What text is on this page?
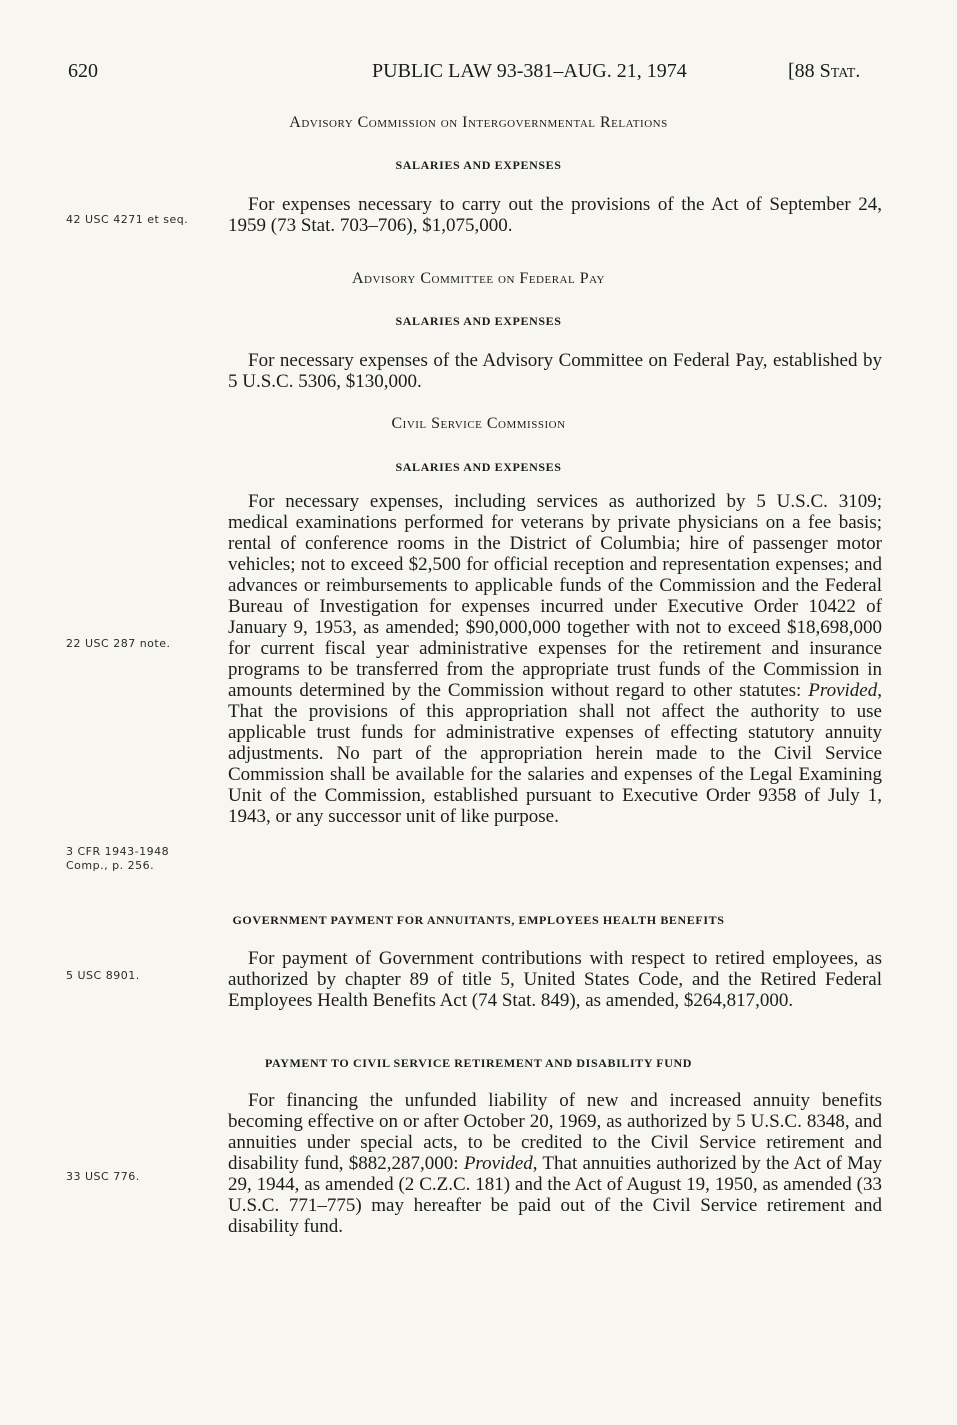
620	PUBLIC LAW 93-381–AUG. 21, 1974	[88 Stat.
Advisory Commission on Intergovernmental Relations
SALARIES AND EXPENSES
42 USC 4271 et seq.

For expenses necessary to carry out the provisions of the Act of September 24, 1959 (73 Stat. 703–706), $1,075,000.

Advisory Committee on Federal Pay
SALARIES AND EXPENSES

For necessary expenses of the Advisory Committee on Federal Pay, established by 5 U.S.C. 5306, $130,000.

Civil Service Commission
SALARIES AND EXPENSES
22 USC 287 note.
3 CFR 1943-1948 Comp., p. 256.

For necessary expenses, including services as authorized by 5 U.S.C. 3109; medical examinations performed for veterans by private physicians on a fee basis; rental of conference rooms in the District of Columbia; hire of passenger motor vehicles; not to exceed $2,500 for official reception and representation expenses; and advances or reimbursements to applicable funds of the Commission and the Federal Bureau of Investigation for expenses incurred under Executive Order 10422 of January 9, 1953, as amended; $90,000,000 together with not to exceed $18,698,000 for current fiscal year administrative expenses for the retirement and insurance programs to be transferred from the appropriate trust funds of the Commission in amounts determined by the Commission without regard to other statutes: Provided, That the provisions of this appropriation shall not affect the authority to use applicable trust funds for administrative expenses of effecting statutory annuity adjustments. No part of the appropriation herein made to the Civil Service Commission shall be available for the salaries and expenses of the Legal Examining Unit of the Commission, established pursuant to Executive Order 9358 of July 1, 1943, or any successor unit of like purpose.

GOVERNMENT PAYMENT FOR ANNUITANTS, EMPLOYEES HEALTH BENEFITS
5 USC 8901.

For payment of Government contributions with respect to retired employees, as authorized by chapter 89 of title 5, United States Code, and the Retired Federal Employees Health Benefits Act (74 Stat. 849), as amended, $264,817,000.

PAYMENT TO CIVIL SERVICE RETIREMENT AND DISABILITY FUND
33 USC 776.

For financing the unfunded liability of new and increased annuity benefits becoming effective on or after October 20, 1969, as authorized by 5 U.S.C. 8348, and annuities under special acts, to be credited to the Civil Service retirement and disability fund, $882,287,000: Provided, That annuities authorized by the Act of May 29, 1944, as amended (2 C.Z.C. 181) and the Act of August 19, 1950, as amended (33 U.S.C. 771–775) may hereafter be paid out of the Civil Service retirement and disability fund.
